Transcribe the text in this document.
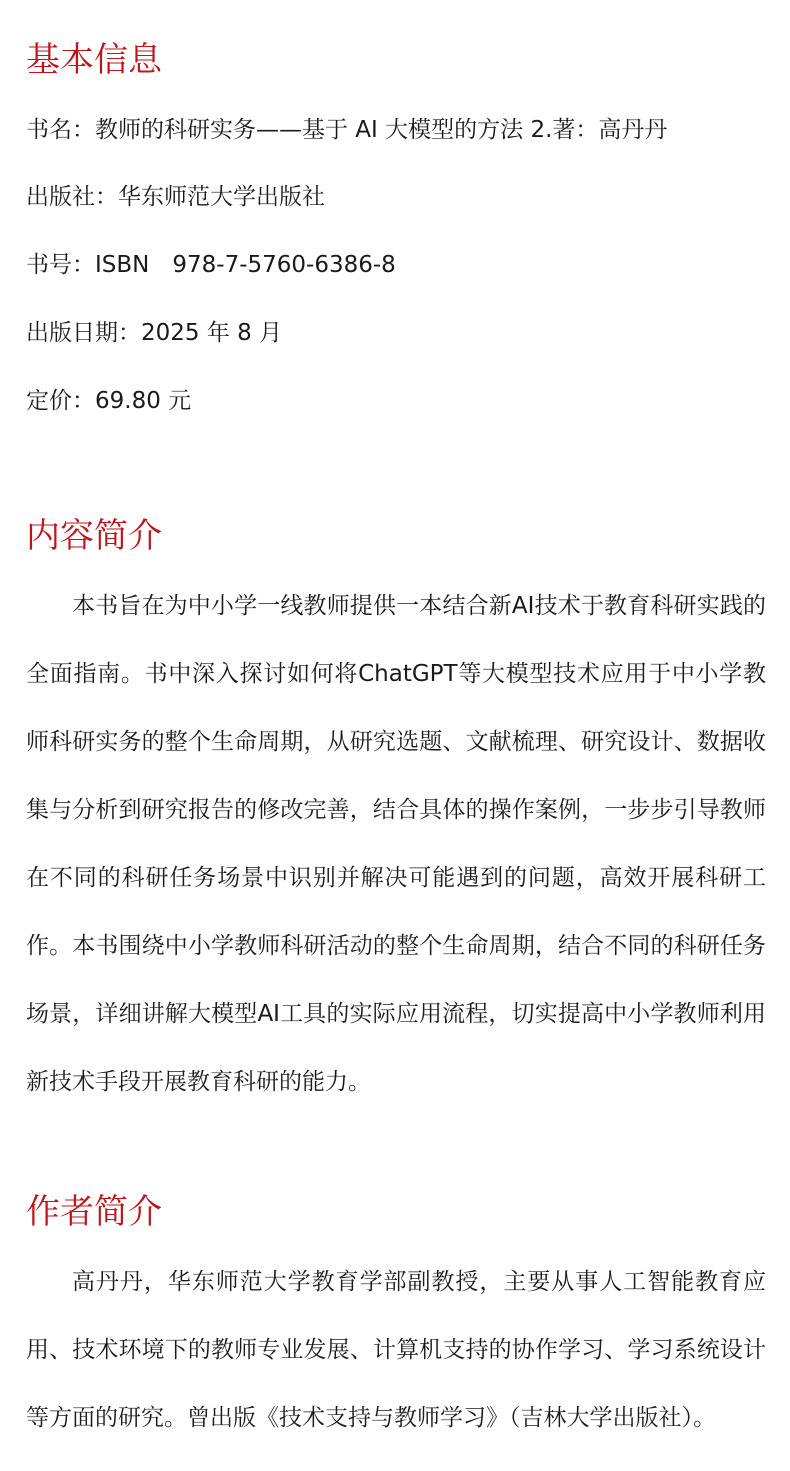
基本信息

书名：教师的科研实务——基于 AI 大模型的方法 2.著：高丹丹

出版社：华东师范大学出版社

书号：ISBN　978-7-5760-6386-8

出版日期：2025 年 8 月

定价：69.80 元

内容简介

本书旨在为中小学一线教师提供一本结合新AI技术于教育科研实践的全面指南。书中深入探讨如何将ChatGPT等大模型技术应用于中小学教师科研实务的整个生命周期，从研究选题、文献梳理、研究设计、数据收集与分析到研究报告的修改完善，结合具体的操作案例，一步步引导教师在不同的科研任务场景中识别并解决可能遇到的问题，高效开展科研工作。本书围绕中小学教师科研活动的整个生命周期，结合不同的科研任务场景，详细讲解大模型AI工具的实际应用流程，切实提高中小学教师利用新技术手段开展教育科研的能力。

作者简介

高丹丹，华东师范大学教育学部副教授，主要从事人工智能教育应用、技术环境下的教师专业发展、计算机支持的协作学习、学习系统设计等方面的研究。曾出版《技术支持与教师学习》（吉林大学出版社）。
